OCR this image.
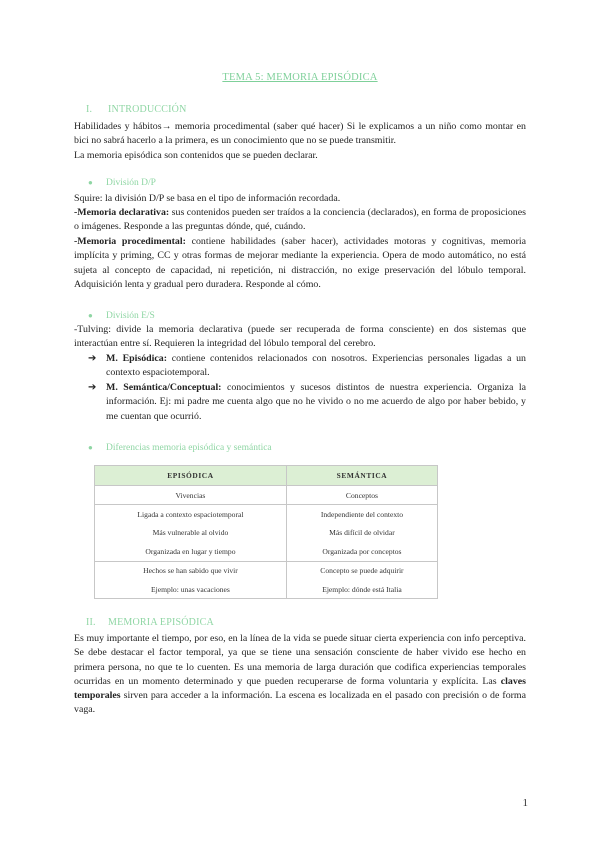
TEMA 5: MEMORIA EPISÓDICA
I. INTRODUCCIÓN

Habilidades y hábitos→ memoria procedimental (saber qué hacer) Si le explicamos a un niño como montar en bici no sabrá hacerlo a la primera, es un conocimiento que no se puede transmitir.

La memoria episódica son contenidos que se pueden declarar.

● División D/P

Squire: la división D/P se basa en el tipo de información recordada.

-Memoria declarativa: sus contenidos pueden ser traídos a la conciencia (declarados), en forma de proposiciones o imágenes. Responde a las preguntas dónde, qué, cuándo.

-Memoria procedimental: contiene habilidades (saber hacer), actividades motoras y cognitivas, memoria implícita y priming, CC y otras formas de mejorar mediante la experiencia. Opera de modo automático, no está sujeta al concepto de capacidad, ni repetición, ni distracción, no exige preservación del lóbulo temporal. Adquisición lenta y gradual pero duradera. Responde al cómo.

● División E/S

-Tulving: divide la memoria declarativa (puede ser recuperada de forma consciente) en dos sistemas que interactúan entre sí. Requieren la integridad del lóbulo temporal del cerebro.

➔ M. Episódica: contiene contenidos relacionados con nosotros. Experiencias personales ligadas a un contexto espaciotemporal.
➔ M. Semántica/Conceptual: conocimientos y sucesos distintos de nuestra experiencia. Organiza la información. Ej: mi padre me cuenta algo que no he vivido o no me acuerdo de algo por haber bebido, y me cuentan que ocurrió.
● Diferencias memoria episódica y semántica
EPISÓDICA	SEMÁNTICA
Vivencias	Conceptos
Ligada a contexto espaciotemporal	Independiente del contexto
Más vulnerable al olvido	Más difícil de olvidar
Organizada en lugar y tiempo	Organizada por conceptos
Hechos se han sabido que vivir	Concepto se puede adquirir
Ejemplo: unas vacaciones	Ejemplo: dónde está Italia
II. MEMORIA EPISÓDICA

Es muy importante el tiempo, por eso, en la línea de la vida se puede situar cierta experiencia con info perceptiva. Se debe destacar el factor temporal, ya que se tiene una sensación consciente de haber vivido ese hecho en primera persona, no que te lo cuenten. Es una memoria de larga duración que codifica experiencias temporales ocurridas en un momento determinado y que pueden recuperarse de forma voluntaria y explícita. Las claves temporales sirven para acceder a la información. La escena es localizada en el pasado con precisión o de forma vaga.

1
